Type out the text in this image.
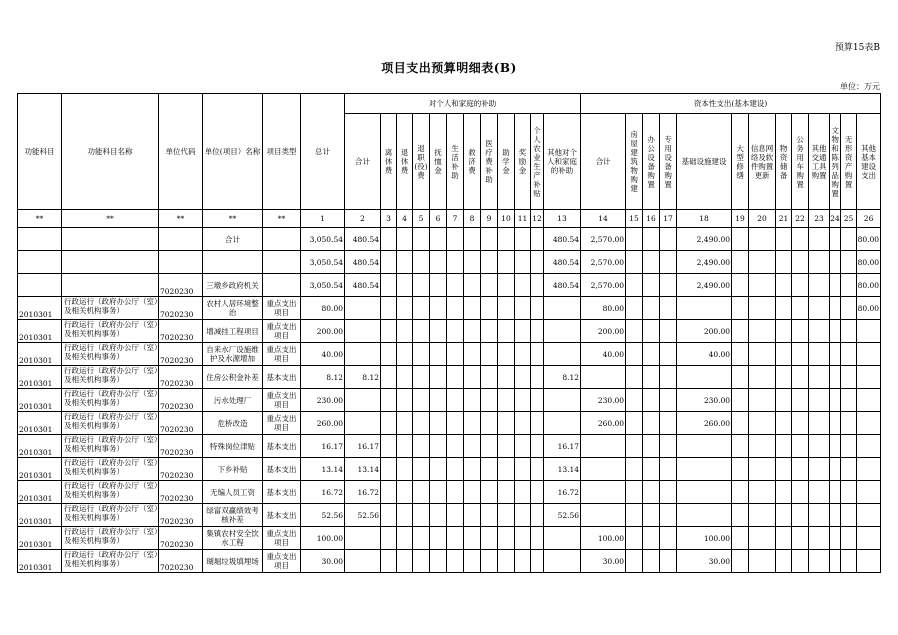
预算15表B
项目支出预算明细表(B)
单位：万元
功能科目	功能科目名称	单位代码	单位(项目）名称	项目类型	总计	对个人和家庭的补助												资本性支出(基本建设)												
						合计	离休费	退休费	退职(役)费	抚恤金	生活补助	救济费	医疗费补助	助学金	奖励金	个人农业生产补贴	其他对个人和家庭的补助	合计	房屋建筑物购建	办公设备购置	专用设备购置	基础设施建设	大型修缮	信息网络及软件购置更新	物资储备	公务用车购置	其他交通工具购置	文物和陈列品购置	无形资产购置	其他基本建设支出
**	**	**	**	**	1	2	3	4	5	6	7	8	9	10	11	12	13	14	15	16	17	18	19	20	21	22	23	24	25	26
			合计		3,050.54	480.54											480.54	2,570.00				2,490.00								80.00
					3,050.54	480.54											480.54	2,570.00				2,490.00								80.00
		7020230	三墩乡政府机关		3,050.54	480.54											480.54	2,570.00				2,490.00								80.00
2010301	行政运行（政府办公厅（室）及相关机构事务）	7020230	农村人居环境整治	重点支出项目	80.00													80.00												80.00
2010301	行政运行（政府办公厅（室）及相关机构事务）	7020230	增减挂工程项目	重点支出项目	200.00													200.00				200.00								
2010301	行政运行（政府办公厅（室）及相关机构事务）	7020230	自来水厂设施维护及水源增加	重点支出项目	40.00													40.00				40.00								
2010301	行政运行（政府办公厅（室）及相关机构事务）	7020230	住房公积金补差	基本支出	8.12	8.12											8.12													
2010301	行政运行（政府办公厅（室）及相关机构事务）	7020230	污水处理厂	重点支出项目	230.00													230.00				230.00								
2010301	行政运行（政府办公厅（室）及相关机构事务）	7020230	危桥改造	重点支出项目	260.00													260.00				260.00								
2010301	行政运行（政府办公厅（室）及相关机构事务）	7020230	特殊岗位津贴	基本支出	16.17	16.17											16.17													
2010301	行政运行（政府办公厅（室）及相关机构事务）	7020230	下乡补贴	基本支出	13.14	13.14											13.14													
2010301	行政运行（政府办公厅（室）及相关机构事务）	7020230	无编人员工资	基本支出	16.72	16.72											16.72													
2010301	行政运行（政府办公厅（室）及相关机构事务）	7020230	绿富双赢绩效考核补差	基本支出	52.56	52.56											52.56													
2010301	行政运行（政府办公厅（室）及相关机构事务）	7020230	集镇农村安全饮水工程	重点支出项目	100.00													100.00				100.00								
2010301	行政运行（政府办公厅（室）及相关机构事务）	7020230	瑚堀垃圾填埋场	重点支出项目	30.00													30.00				30.00								
